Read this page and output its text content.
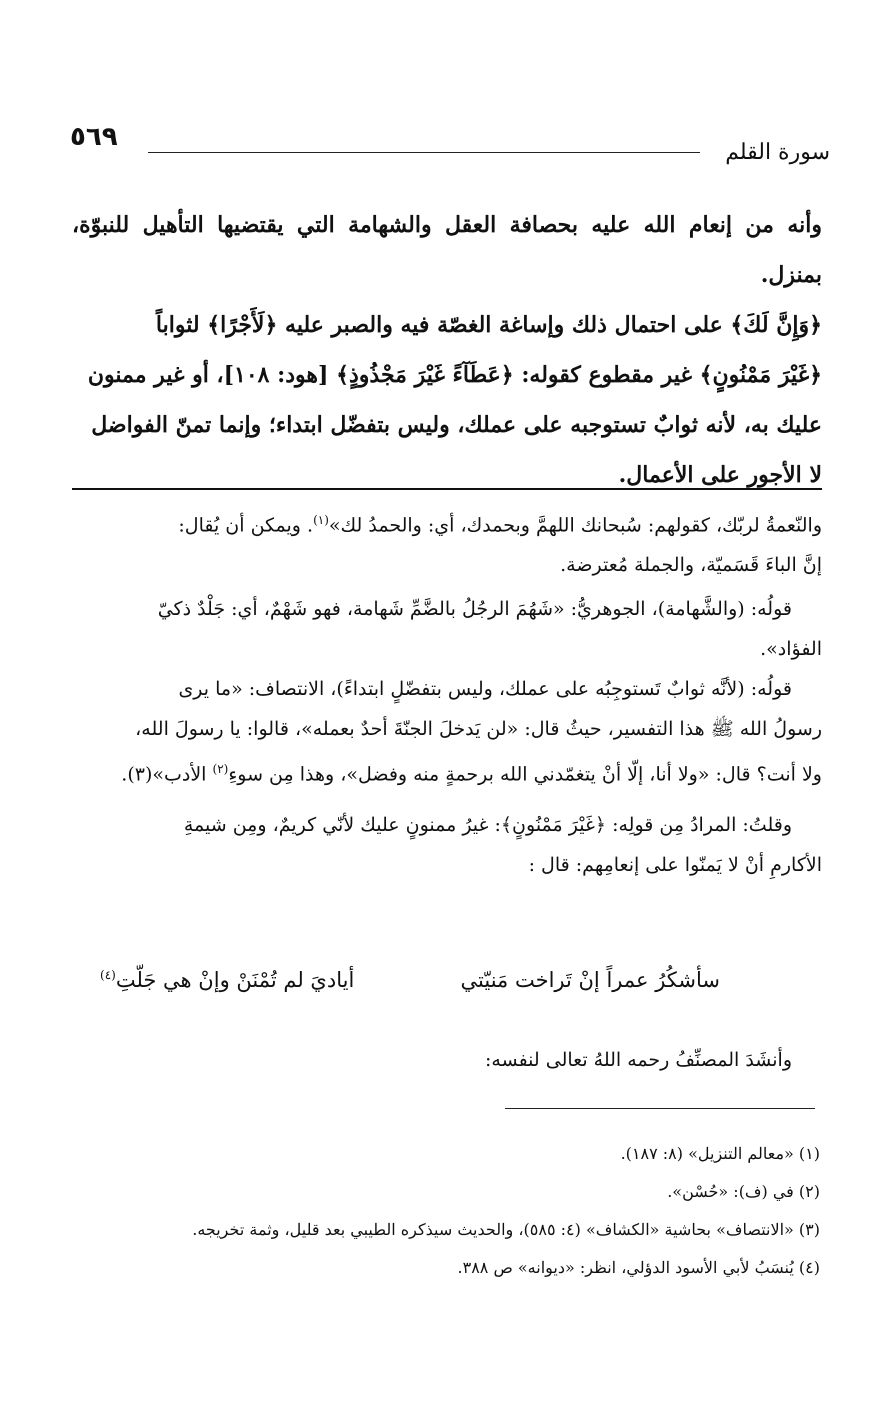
٥٦٩
سورة القلم

وأنه من إنعام الله عليه بحصافة العقل والشهامة التي يقتضيها التأهيل للنبوّة، بمنزل.

﴿وَإِنَّ لَكَ﴾ على احتمال ذلك وإساغة الغصّة فيه والصبر عليه ﴿لَأَجْرًا﴾ لثواباً

﴿غَيْرَ مَمْنُونٍ﴾ غير مقطوع كقوله: ﴿عَطَآءً غَيْرَ مَجْذُوذٍ﴾ [هود: ١٠٨]، أو غير ممنون

عليك به، لأنه ثوابٌ تستوجبه على عملك، وليس بتفضّل ابتداء؛ وإنما تمنّ الفواضل

لا الأجور على الأعمال.

والنّعمةُ لربّك، كقولهم: سُبحانك اللهمَّ وبحمدك، أي: والحمدُ لك»$^{(١)}$. ويمكن أن يُقال:

إنَّ الباءَ قَسَميّة، والجملة مُعترضة.

قولُه: (والشَّهامة)، الجوهريُّ: «شَهُمَ الرجُلُ بالضَّمِّ شَهامة، فهو شَهْمٌ، أي: جَلْدٌ ذكيّ

الفؤاد».

قولُه: (لأنَّه ثوابٌ تَستوجِبُه على عملك، وليس بتفضّلٍ ابتداءً)، الانتصاف: «ما يرى

رسولُ الله ﷺ هذا التفسير، حيثُ قال: «لن يَدخلَ الجنّةَ أحدٌ بعمله»، قالوا: يا رسولَ الله،

ولا أنت؟ قال: «ولا أنا، إلّا أنْ يتغمّدني الله برحمةٍ منه وفضل»، وهذا مِن سوءِ$^{(٢)}$ الأدب»(٣).

وقلتُ: المرادُ مِن قولِه: ﴿غَيْرَ مَمْنُونٍ﴾: غيرُ ممنونٍ عليك لأنّي كريمٌ، ومِن شيمةِ

الأكارمِ أنْ لا يَمنّوا على إنعامِهم: قال :

سأشكُرُ عمراً إنْ تَراخت مَنيّتي
أياديَ لم تُمْنَنْ وإنْ هي جَلّتِ$^{(٤)}$

وأنشَدَ المصنِّفُ رحمه اللهُ تعالى لنفسه:

(١) «معالم التنزيل» (٨: ١٨٧).

(٢) في (ف): «حُسْن».

(٣) «الانتصاف» بحاشية «الكشاف» (٤: ٥٨٥)، والحديث سيذكره الطيبي بعد قليل، وثمة تخريجه.

(٤) يُنسَبُ لأبي الأسود الدؤلي، انظر: «ديوانه» ص ٣٨٨.
